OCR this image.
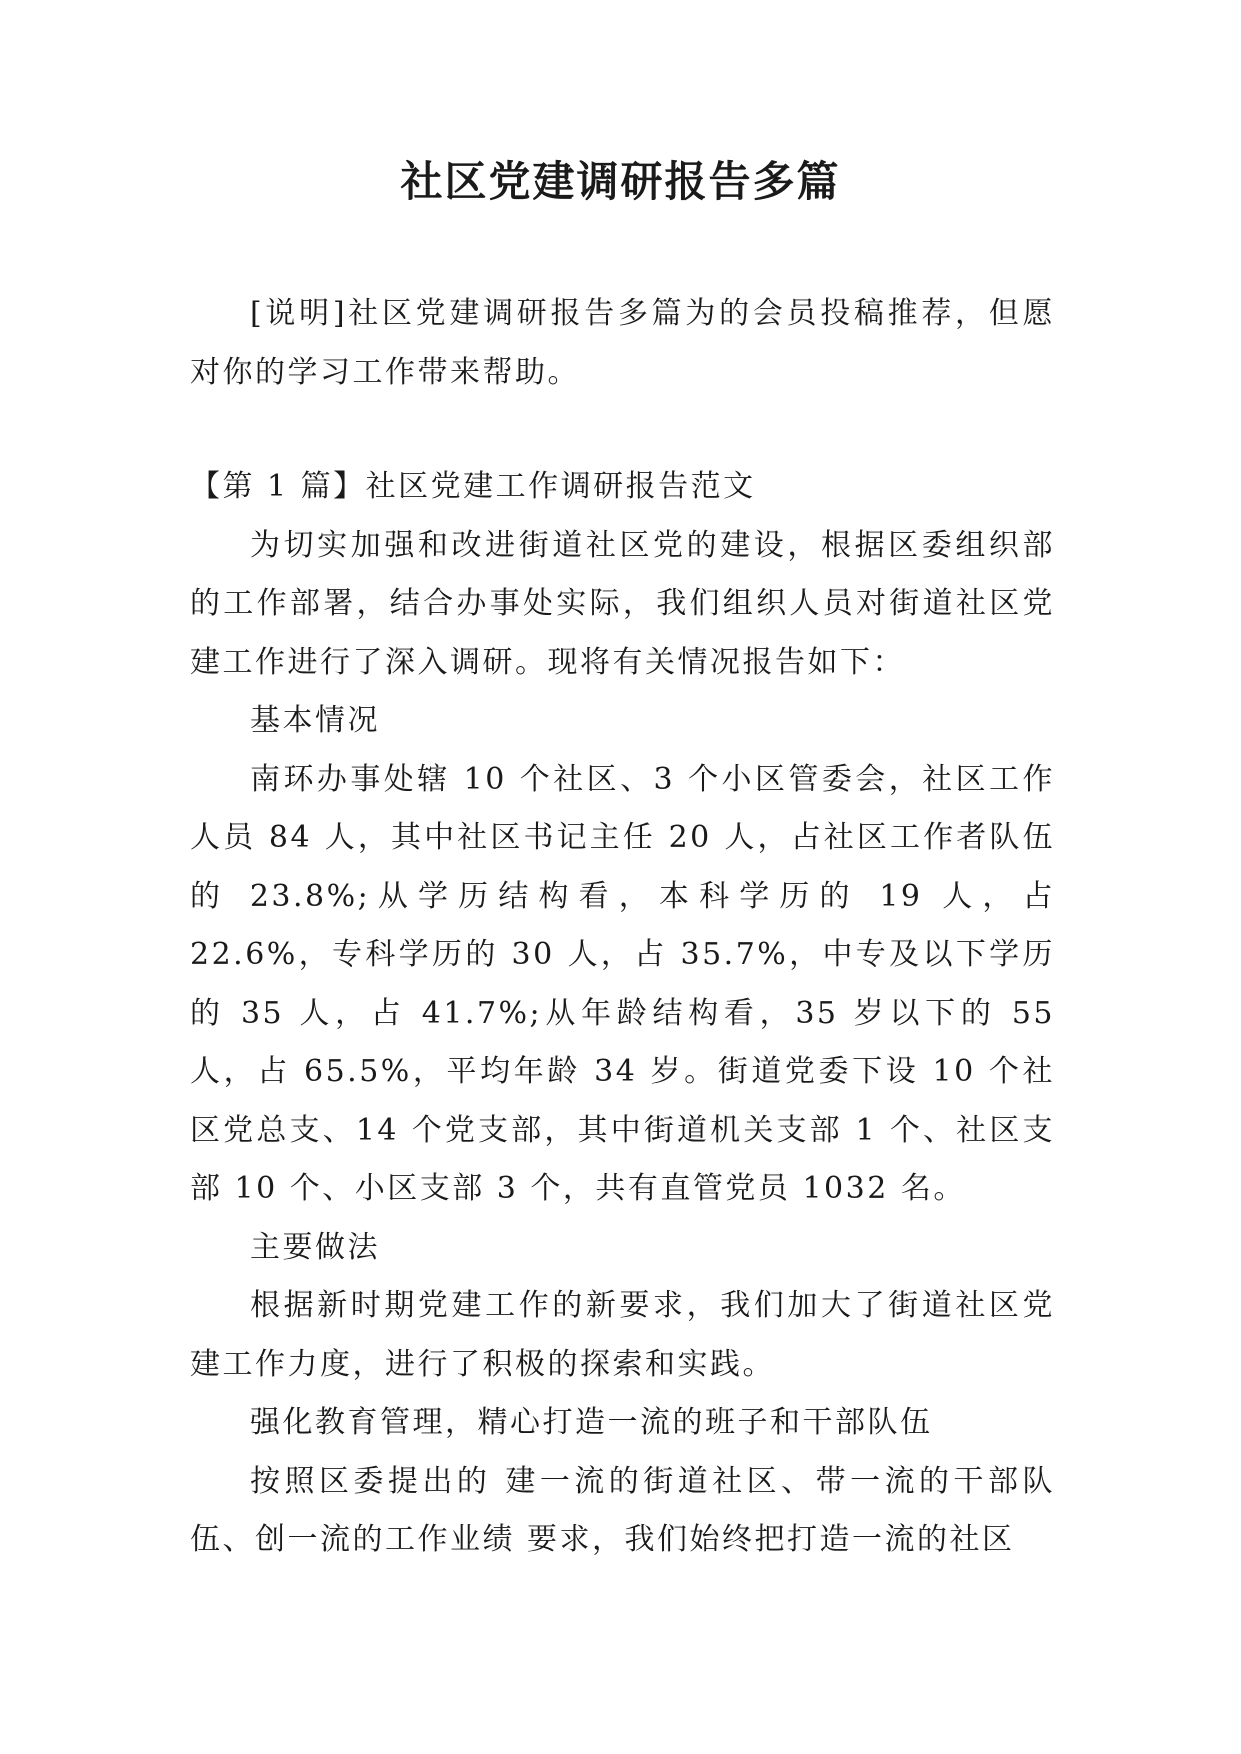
社区党建调研报告多篇

[说明]社区党建调研报告多篇为的会员投稿推荐，但愿对你的学习工作带来帮助。

【第 1 篇】社区党建工作调研报告范文

为切实加强和改进街道社区党的建设，根据区委组织部的工作部署，结合办事处实际，我们组织人员对街道社区党建工作进行了深入调研。现将有关情况报告如下：

基本情况

南环办事处辖 10 个社区、3 个小区管委会，社区工作人员 84 人，其中社区书记主任 20 人，占社区工作者队伍的 23.8%;从学历结构看，本科学历的 19 人，占 22.6%，专科学历的 30 人，占 35.7%，中专及以下学历的 35 人，占 41.7%;从年龄结构看，35 岁以下的 55 人，占 65.5%，平均年龄 34 岁。街道党委下设 10 个社区党总支、14 个党支部，其中街道机关支部 1 个、社区支部 10 个、小区支部 3 个，共有直管党员 1032 名。

主要做法

根据新时期党建工作的新要求，我们加大了街道社区党建工作力度，进行了积极的探索和实践。

强化教育管理，精心打造一流的班子和干部队伍

按照区委提出的 建一流的街道社区、带一流的干部队伍、创一流的工作业绩 要求，我们始终把打造一流的社区
